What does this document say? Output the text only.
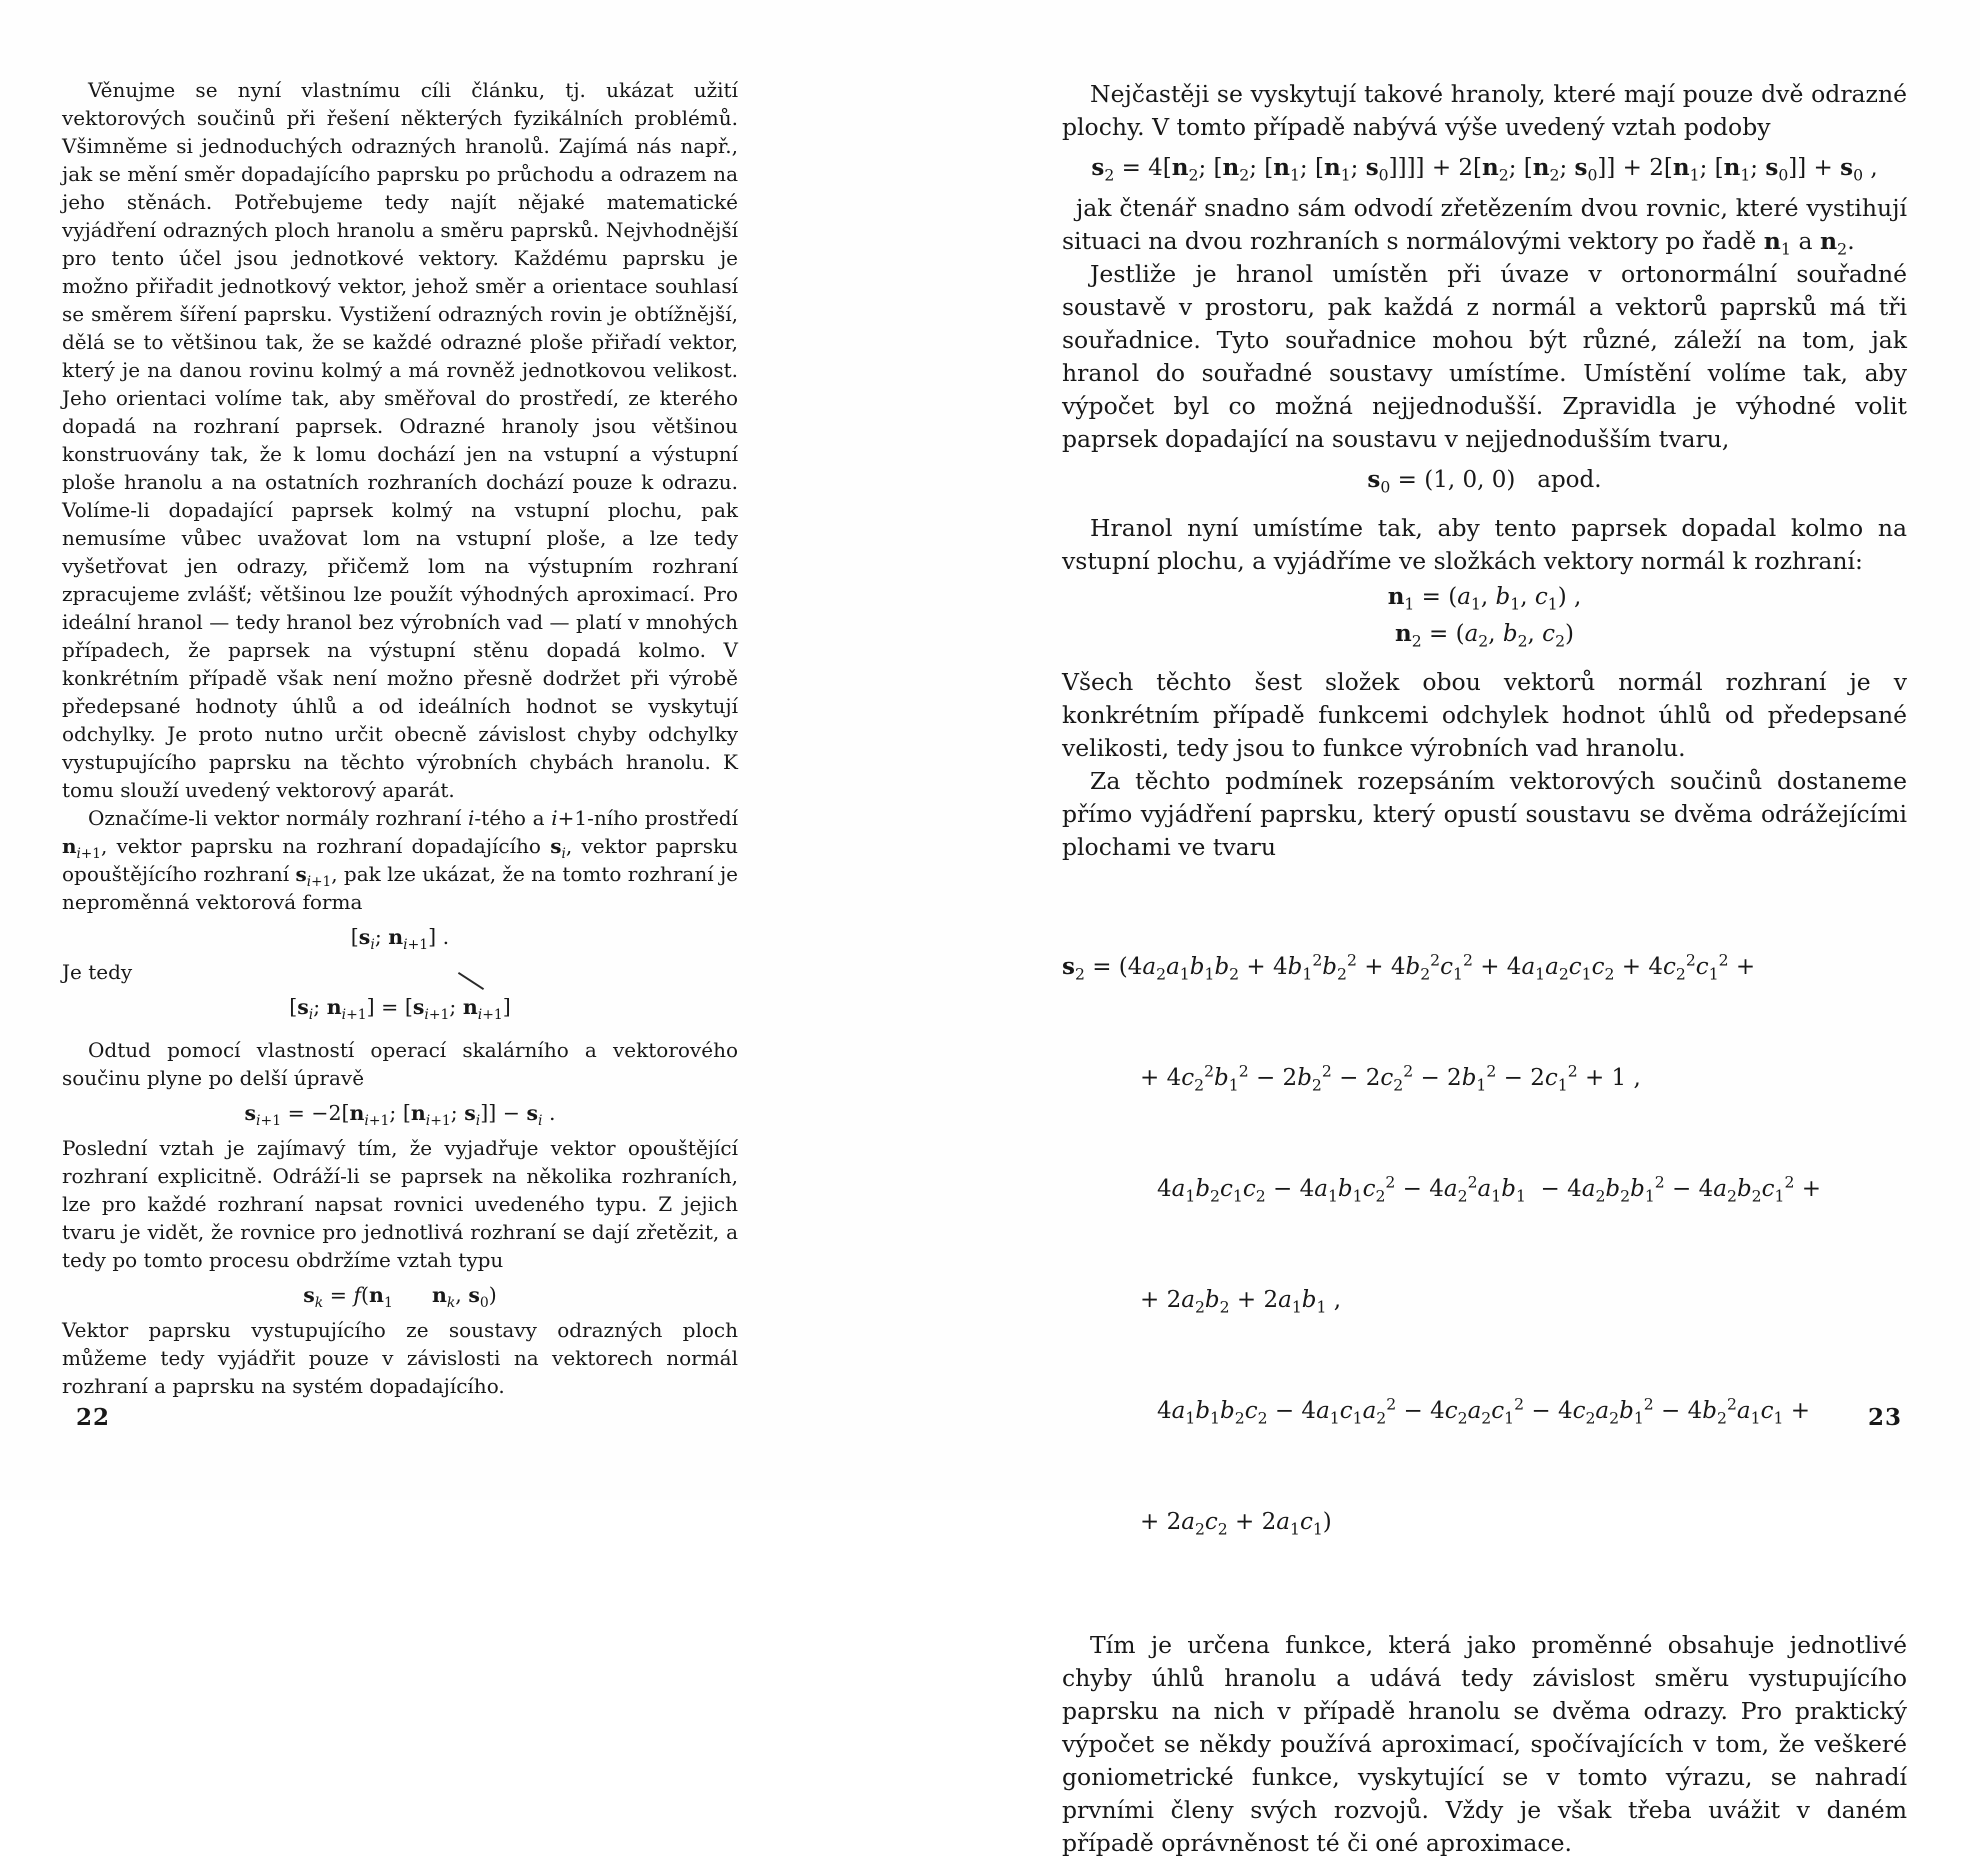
Věnujme se nyní vlastnímu cíli článku, tj. ukázat užití vektorových součinů při řešení některých fyzikálních problémů. Všimněme si jednoduchých odrazných hranolů. Zajímá nás např., jak se mění směr dopadajícího paprsku po průchodu a odrazem na jeho stěnách. Potřebujeme tedy najít nějaké matematické vyjádření odrazných ploch hranolu a směru paprsků. Nejvhodnější pro tento účel jsou jednotkové vektory. Každému paprsku je možno přiřadit jednotkový vektor, jehož směr a orientace souhlasí se směrem šíření paprsku. Vystižení odrazných rovin je obtížnější, dělá se to většinou tak, že se každé odrazné ploše přiřadí vektor, který je na danou rovinu kolmý a má rovněž jednotkovou velikost. Jeho orientaci volíme tak, aby směřoval do prostředí, ze kterého dopadá na rozhraní paprsek. Odrazné hranoly jsou většinou konstruovány tak, že k lomu dochází jen na vstupní a výstupní ploše hranolu a na ostatních rozhraních dochází pouze k odrazu. Volíme-li dopadající paprsek kolmý na vstupní plochu, pak nemusíme vůbec uvažovat lom na vstupní ploše, a lze tedy vyšetřovat jen odrazy, přičemž lom na výstupním rozhraní zpracujeme zvlášť; většinou lze použít výhodných aproximací. Pro ideální hranol — tedy hranol bez výrobních vad — platí v mnohých případech, že paprsek na výstupní stěnu dopadá kolmo. V konkrétním případě však není možno přesně dodržet při výrobě předepsané hodnoty úhlů a od ideálních hodnot se vyskytují odchylky. Je proto nutno určit obecně závislost chyby odchylky vystupujícího paprsku na těchto výrobních chybách hranolu. K tomu slouží uvedený vektorový aparát.

Označíme-li vektor normály rozhraní i-tého a i+1-ního prostředí $n_{i+1}$, vektor paprsku na rozhraní dopadajícího $s_i$, vektor paprsku opouštějícího rozhraní $s_{i+1}$, pak lze ukázat, že na tomto rozhraní je neproměnná vektorová forma

[$s_i$; $n_{i+1}$] .

Je tedy

[$s_i$; $n_{i+1}] = [s_{i+1}$; $n_{i+1}$]

Odtud pomocí vlastností operací skalárního a vektorového součinu plyne po delší úpravě

$s_{i+1} = -2[n_{i+1}$; [$n_{i+1}$; $s_i]] - s_i$ .

Poslední vztah je zajímavý tím, že vyjadřuje vektor opouštějící rozhraní explicitně. Odráží-li se paprsek na několika rozhraních, lze pro každé rozhraní napsat rovnici uvedeného typu. Z jejich tvaru je vidět, že rovnice pro jednotlivá rozhraní se dají zřetězit, a tedy po tomto procesu obdržíme vztah typu

$s_k = f(n_1$ $n_k$, $s_0$)

Vektor paprsku vystupujícího ze soustavy odrazných ploch můžeme tedy vyjádřit pouze v závislosti na vektorech normál rozhraní a paprsku na systém dopadajícího.

Nejčastěji se vyskytují takové hranoly, které mají pouze dvě odrazné plochy. V tomto případě nabývá výše uvedený vztah podoby

$s_2 = 4[n_2$; [$n_2$; [$n_1$; [$n_1$; $s_0]]]] + 2[n_2$; [$n_2$; $s_0]] + 2[n_1$; [$n_1$; $s_0]] + s_0$ ,

jak čtenář snadno sám odvodí zřetězením dvou rovnic, které vystihují situaci na dvou rozhraních s normálovými vektory po řadě $n_1$ a $n_2$.

Jestliže je hranol umístěn při úvaze v ortonormální souřadné soustavě v prostoru, pak každá z normál a vektorů paprsků má tři souřadnice. Tyto souřadnice mohou být různé, záleží na tom, jak hranol do souřadné soustavy umístíme. Umístění volíme tak, aby výpočet byl co možná nejjednodušší. Zpravidla je výhodné volit paprsek dopadající na soustavu v nejjednodušším tvaru,

$s_0 = (1$, 0, 0)   apod.

Hranol nyní umístíme tak, aby tento paprsek dopadal kolmo na vstupní plochu, a vyjádříme ve složkách vektory normál k rozhraní:

$n_1 = (a_1$, $b_1$, $c_1$) ,
$n_2 = (a_2$, $b_2$, $c_2$)

Všech těchto šest složek obou vektorů normál rozhraní je v konkrétním případě funkcemi odchylek hodnot úhlů od předepsané velikosti, tedy jsou to funkce výrobních vad hranolu.

Za těchto podmínek rozepsáním vektorových součinů dostaneme přímo vyjádření paprsku, který opustí soustavu se dvěma odrážejícími plochami ve tvaru

$s_2 = (4a_2a_1b_1b_2 + 4b_1^2b_2^2 + 4b_2^2c_1^2 + 4a_1a_2c_1c_2 + 4c_2^2c_1^2$ +

+ $4c_2^2b_1^2 - 2b_2^2 - 2c_2^2 - 2b_1^2 - 2c_1^2 + 1$ ,

$4a_1b_2c_1c_2 - 4a_1b_1c_2^2 - 4a_2^2a_1b_1 - 4a_2b_2b_1^2 - 4a_2b_2c_1^2$ +

+ $2a_2b_2 + 2a_1b_1$ ,

$4a_1b_1b_2c_2 - 4a_1c_1a_2^2 - 4c_2a_2c_1^2 - 4c_2a_2b_1^2 - 4b_2^2a_1c_1$ +

+ $2a_2c_2 + 2a_1c_1$)

Tím je určena funkce, která jako proměnné obsahuje jednotlivé chyby úhlů hranolu a udává tedy závislost směru vystupujícího paprsku na nich v případě hranolu se dvěma odrazy. Pro praktický výpočet se někdy používá aproximací, spočívajících v tom, že veškeré goniometrické funkce, vyskytující se v tomto výrazu, se nahradí prvními členy svých rozvojů. Vždy je však třeba uvážit v daném případě oprávněnost té či oné aproximace.

22	23
